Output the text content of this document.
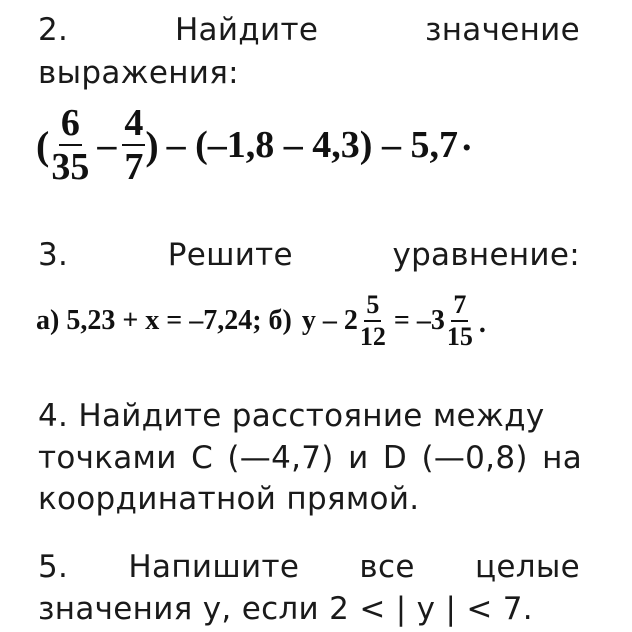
2.	Найдите	значение
выражения:
( $\frac{6}{35} - \frac{4}{7}$ ) – (–1,8 – 4,3) – 5,7 .
3.	Решите	уравнение:
а) 5,23 + x = –7,24; б) $y - 2 \frac{5}{12} = -3 \frac{7}{15}$ .
4. Найдите расстояние между
точками C (—4,7) и D (—0,8) на
координатной прямой.
5. Напишите все целые
значения y, если 2 < | y | < 7.
